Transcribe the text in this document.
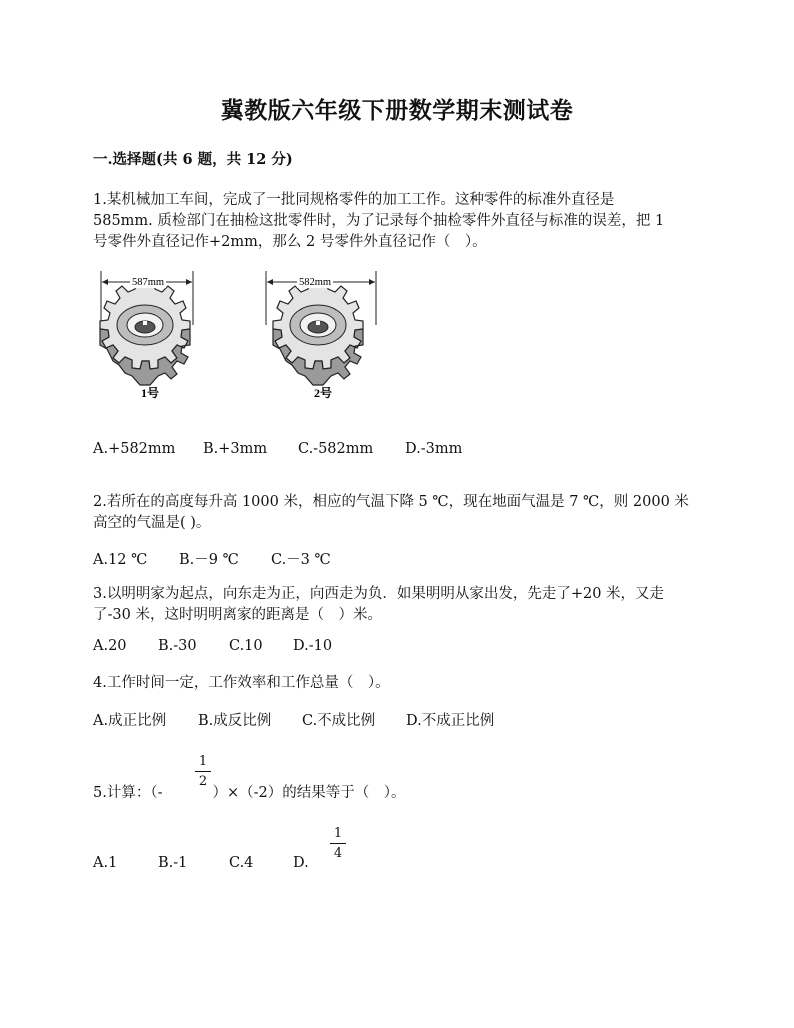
冀教版六年级下册数学期末测试卷
一.选择题(共 6 题，共 12 分)
1.某机械加工车间，完成了一批同规格零件的加工工作。这种零件的标准外直径是
585mm. 质检部门在抽检这批零件时，为了记录每个抽检零件外直径与标准的误差，把 1
号零件外直径记作+2mm，那么 2 号零件外直径记作（　）。
587mm
1号
582mm
2号
A.+582mm B.+3mm C.-582mm D.-3mm
2.若所在的高度每升高 1000 米，相应的气温下降 5 ℃，现在地面气温是 7 ℃，则 2000 米
高空的气温是( )。
A.12 ℃ B.－9 ℃ C.－3 ℃
3.以明明家为起点，向东走为正，向西走为负．如果明明从家出发，先走了+20 米，又走
了-30 米，这时明明离家的距离是（　）米。
A.20 B.-30 C.10 D.-10
4.工作时间一定，工作效率和工作总量（　）。
A.成正比例 B.成反比例 C.不成比例 D.不成正比例
1
2
5.计算：（-	）×（-2）的结果等于（　）。
1
4
A.1	B.-1	C.4	D.
